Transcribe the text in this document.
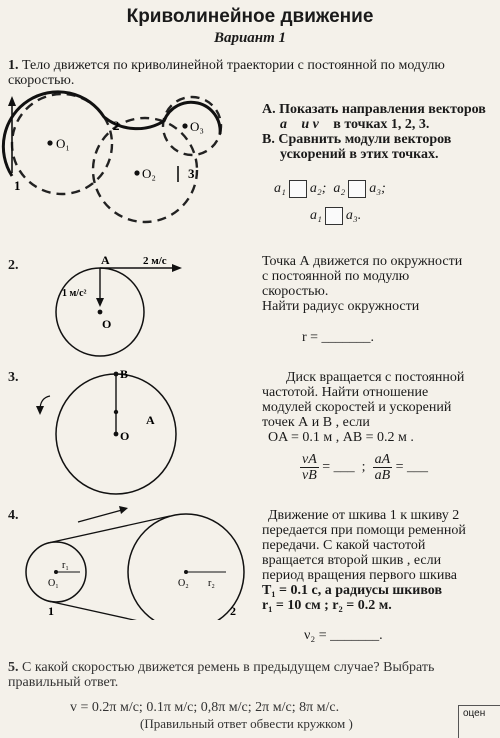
Криволинейное движение
Вариант 1
1. Тело движется по криволинейной траектории с постоянной по модулю скоростью.
O₁
O₂
O₃
1
2
3
А. Показать направления векторов
a⃗ и v⃗ в точках 1, 2, 3.
В. Сравнить модули векторов
ускорений в этих точках.
a₁ a₂; a₂ a₃;
a₁ a₃.
2.	A	2 м/с
1 м/с²
O
Точка А движется по окружности
с постоянной по модулю
скоростью.
Найти радиус окружности
r = _______.
3.	B
A
O
Диск вращается с постоянной
частотой. Найти отношение
модулей скоростей и ускорений
точек А и В , если
OA = 0.1 м , AB = 0.2 м .
$\frac{vA}{vB}$ = ___ ; $\frac{aA}{aB}$ = ___
4.
r₁
O₁	O₂ r₂
1	2
Движение от шкива 1 к шкиву 2
передается при помощи ременной
передачи. С какой частотой
вращается второй шкив , если
период вращения первого шкива
T₁ = 0.1 с, а радиусы шкивов
r₁ = 10 см ; r₂ = 0.2 м.
ν₂ = _______.
5. С какой скоростью движется ремень в предыдущем случае? Выбрать правильный ответ.
v = 0.2π м/с; 0.1π м/с; 0,8π м/с; 2π м/с; 8π м/с.
(Правильный ответ обвести кружком )
оцен
